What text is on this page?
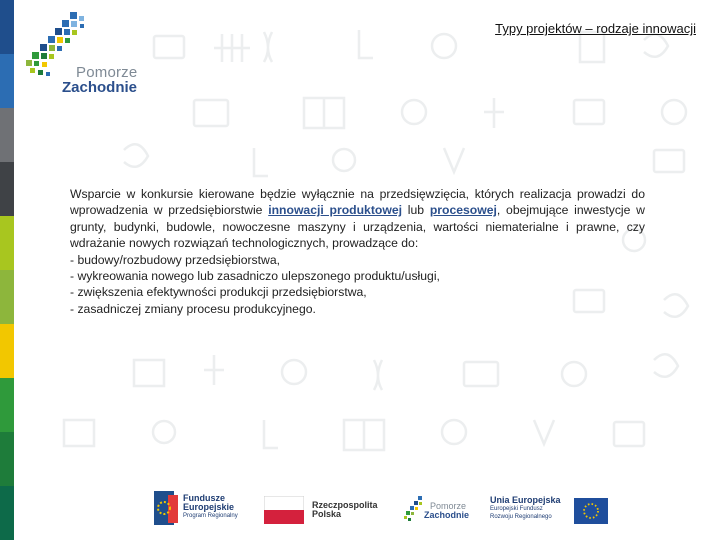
Pomorze
Zachodnie
Typy projektów – rodzaje innowacji

Wsparcie w konkursie kierowane będzie wyłącznie na przedsięwzięcia, których realizacja prowadzi do wprowadzenia w przedsiębiorstwie innowacji produktowej lub procesowej, obejmujące inwestycje w grunty, budynki, budowle, nowoczesne maszyny i urządzenia, wartości niematerialne i prawne, czy wdrażanie nowych rozwiązań technologicznych, prowadzące do:

- budowy/rozbudowy przedsiębiorstwa,

- wykreowania nowego lub zasadniczo ulepszonego produktu/usługi,

- zwiększenia efektywności produkcji przedsiębiorstwa,

- zasadniczej zmiany procesu produkcyjnego.

Fundusze
Europejskie
Program Regionalny
Rzeczpospolita
Polska
Pomorze
Zachodnie
Unia Europejska
Europejski Fundusz
Rozwoju Regionalnego
